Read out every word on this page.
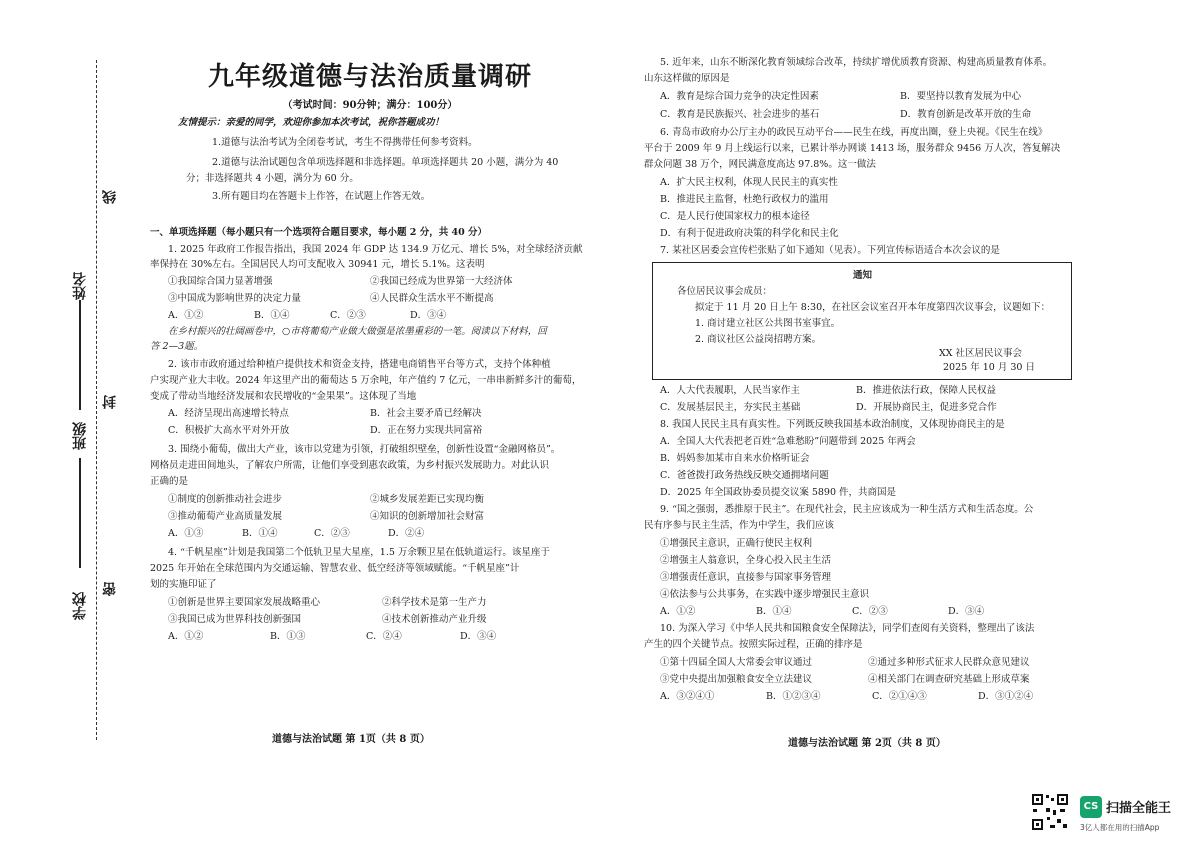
线
姓名
封
班级
密
学校
九年级道德与法治质量调研
（考试时间：90分钟；满分：100分）
友情提示：亲爱的同学，欢迎你参加本次考试，祝你答题成功！
1.道德与法治考试为全闭卷考试，考生不得携带任何参考资料。
2.道德与法治试题包含单项选择题和非选择题。单项选择题共 20 小题，满分为 40
分；非选择题共 4 小题，满分为 60 分。
3.所有题目均在答题卡上作答，在试题上作答无效。
一、单项选择题（每小题只有一个选项符合题目要求，每小题 2 分，共 40 分）
1. 2025 年政府工作报告指出，我国 2024 年 GDP 达 134.9 万亿元、增长 5%，对全球经济贡献
率保持在 30%左右。全国居民人均可支配收入 30941 元，增长 5.1%。这表明
①我国综合国力显著增强	②我国已经成为世界第一大经济体
③中国成为影响世界的决定力量	④人民群众生活水平不断提高
A．①②	B．①④	C．②③	D．③④
在乡村振兴的壮阔画卷中，○市将葡萄产业做大做强是浓墨重彩的一笔。阅读以下材料，回
答 2—3题。
2. 该市市政府通过给种植户提供技术和资金支持，搭建电商销售平台等方式，支持个体种植
户实现产业大丰收。2024 年这里产出的葡萄达 5 万余吨，年产值约 7 亿元，一串串新鲜多汁的葡萄，
变成了带动当地经济发展和农民增收的“金果果”。这体现了当地
A．经济呈现出高速增长特点	B．社会主要矛盾已经解决
C．积极扩大高水平对外开放	D．正在努力实现共同富裕
3. 围绕小葡萄，做出大产业，该市以党建为引领，打破组织壁垒，创新性设置“金融网格员”。
网格员走进田间地头，了解农户所需，让他们享受到惠农政策，为乡村振兴发展助力。对此认识
正确的是
①制度的创新推动社会进步	②城乡发展差距已实现均衡
③推动葡萄产业高质量发展	④知识的创新增加社会财富
A．①③	B．①④	C．②③	D．②④
4. “千帆星座”计划是我国第二个低轨卫星大星座，1.5 万余颗卫星在低轨道运行。该星座于
2025 年开始在全球范围内为交通运输、智慧农业、低空经济等领域赋能。“千帆星座”计
划的实施印证了
①创新是世界主要国家发展战略重心	②科学技术是第一生产力
③我国已成为世界科技创新强国	④技术创新推动产业升级
A．①②	B．①③	C．②④	D．③④
道德与法治试题 第 1页（共 8 页）
5. 近年来，山东不断深化教育领域综合改革，持续扩增优质教育资源、构建高质量教育体系。
山东这样做的原因是
A．教育是综合国力竞争的决定性因素	B．要坚持以教育发展为中心
C．教育是民族振兴、社会进步的基石	D．教育创新是改革开放的生命
6. 青岛市政府办公厅主办的政民互动平台——民生在线，再度出圈，登上央视。《民生在线》
平台于 2009 年 9 月上线运行以来，已累计举办网谈 1413 场，服务群众 9456 万人次，答复解决
群众问题 38 万个，网民满意度高达 97.8%。这一做法
A．扩大民主权利，体现人民民主的真实性
B．推进民主监督，杜绝行政权力的滥用
C．是人民行使国家权力的根本途径
D．有利于促进政府决策的科学化和民主化
7. 某社区居委会宣传栏张贴了如下通知（见表）。下列宣传标语适合本次会议的是
通知
各位居民议事会成员：
拟定于 11 月 20 日上午 8:30，在社区会议室召开本年度第四次议事会，议题如下：
1. 商讨建立社区公共图书室事宜。
2. 商议社区公益岗招聘方案。
XX 社区居民议事会
2025 年 10 月 30 日
A．人大代表履职，人民当家作主	B．推进依法行政，保障人民权益
C．发展基层民主，夯实民主基础	D．开展协商民主，促进多党合作
8. 我国人民民主具有真实性。下列既反映我国基本政治制度，又体现协商民主的是
A．全国人大代表把老百姓“急难愁盼”问题带到 2025 年两会
B．妈妈参加某市自来水价格听证会
C．爸爸拨打政务热线反映交通拥堵问题
D．2025 年全国政协委员提交议案 5890 件，共商国是
9. “国之强弱，悉推原于民主”。在现代社会，民主应该成为一种生活方式和生活态度。公
民有序参与民主生活，作为中学生，我们应该
①增强民主意识，正确行使民主权利
②增强主人翁意识，全身心投入民主生活
③增强责任意识，直接参与国家事务管理
④依法参与公共事务，在实践中逐步增强民主意识
A．①②	B．①④	C．②③	D．③④
10. 为深入学习《中华人民共和国粮食安全保障法》，同学们查阅有关资料，整理出了该法
产生的四个关键节点。按照实际过程，正确的排序是
①第十四届全国人大常委会审议通过	②通过多种形式征求人民群众意见建议
③党中央提出加强粮食安全立法建议	④相关部门在调查研究基础上形成草案
A．③②④①	B．①②③④	C．②①④③	D．③①②④
道德与法治试题 第 2页（共 8 页）
CS 扫描全能王
3亿人都在用的扫描App
